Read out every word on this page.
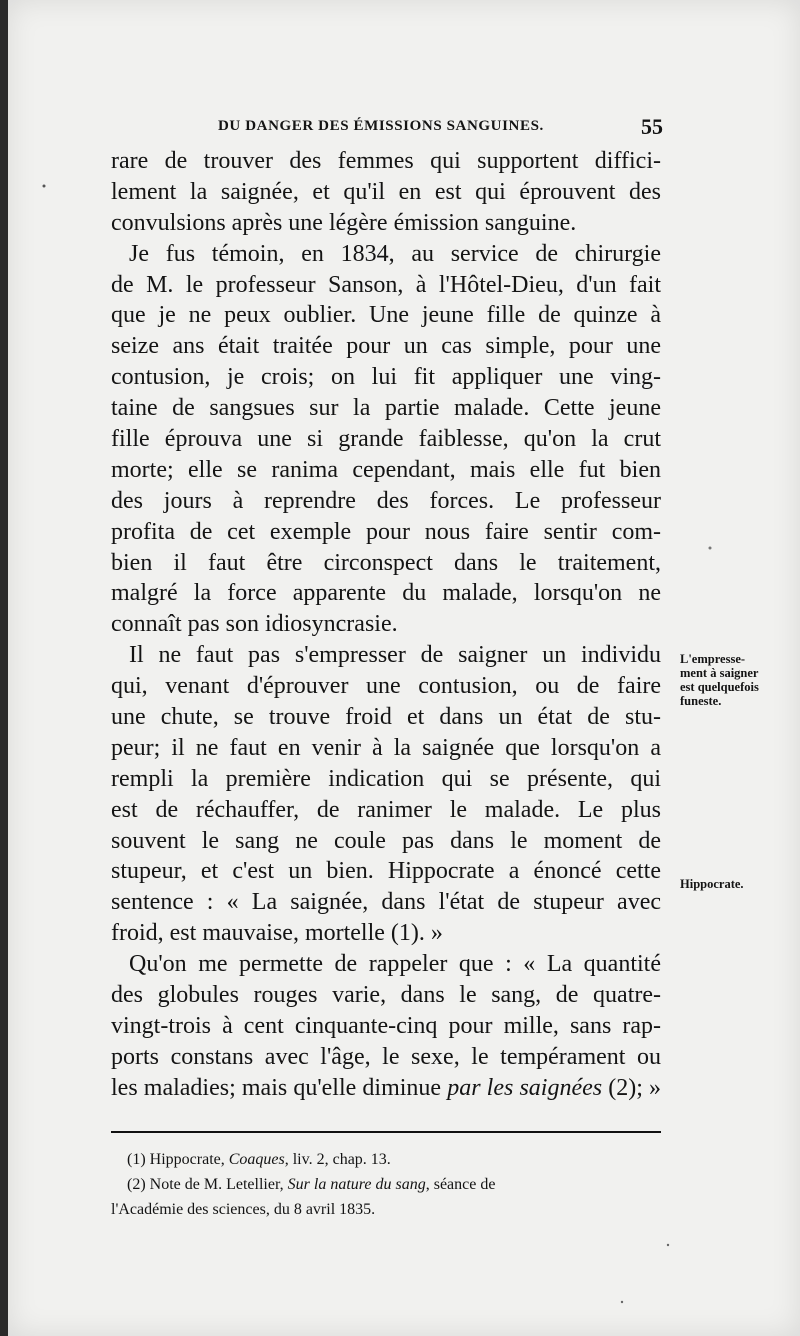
DU DANGER DES ÉMISSIONS SANGUINES.	55
rare de trouver des femmes qui supportent diffici-
lement la saignée, et qu'il en est qui éprouvent des
convulsions après une légère émission sanguine.
Je fus témoin, en 1834, au service de chirurgie
de M. le professeur Sanson, à l'Hôtel-Dieu, d'un fait
que je ne peux oublier. Une jeune fille de quinze à
seize ans était traitée pour un cas simple, pour une
contusion, je crois; on lui fit appliquer une ving-
taine de sangsues sur la partie malade. Cette jeune
fille éprouva une si grande faiblesse, qu'on la crut
morte; elle se ranima cependant, mais elle fut bien
des jours à reprendre des forces. Le professeur
profita de cet exemple pour nous faire sentir com-
bien il faut être circonspect dans le traitement,
malgré la force apparente du malade, lorsqu'on ne
connaît pas son idiosyncrasie.
Il ne faut pas s'empresser de saigner un individu
qui, venant d'éprouver une contusion, ou de faire
une chute, se trouve froid et dans un état de stu-
peur; il ne faut en venir à la saignée que lorsqu'on a
rempli la première indication qui se présente, qui
est de réchauffer, de ranimer le malade. Le plus
souvent le sang ne coule pas dans le moment de
stupeur, et c'est un bien. Hippocrate a énoncé cette
sentence : « La saignée, dans l'état de stupeur avec
froid, est mauvaise, mortelle (1). »
Qu'on me permette de rappeler que : « La quantité
des globules rouges varie, dans le sang, de quatre-
vingt-trois à cent cinquante-cinq pour mille, sans rap-
ports constans avec l'âge, le sexe, le tempérament ou
les maladies; mais qu'elle diminue par les saignées (2); »
L'empresse-
ment à saigner
est quelquefois
funeste.
Hippocrate.
(1) Hippocrate, Coaques, liv. 2, chap. 13.
(2) Note de M. Letellier, Sur la nature du sang, séance de
l'Académie des sciences, du 8 avril 1835.
